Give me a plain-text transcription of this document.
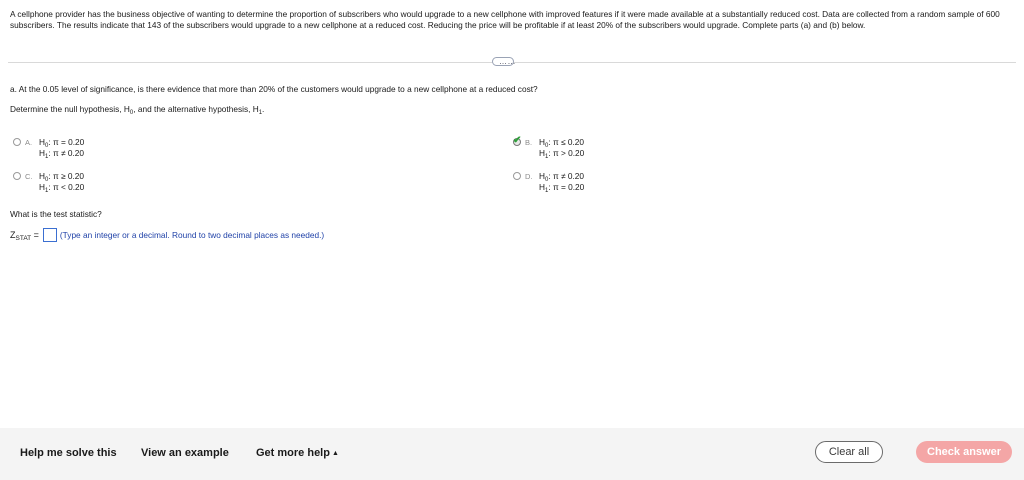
A cellphone provider has the business objective of wanting to determine the proportion of subscribers who would upgrade to a new cellphone with improved features if it were made available at a substantially reduced cost. Data are collected from a random sample of 600 subscribers. The results indicate that 143 of the subscribers would upgrade to a new cellphone at a reduced cost. Reducing the price will be profitable if at least 20% of the subscribers would upgrade. Complete parts (a) and (b) below.
……
a. At the 0.05 level of significance, is there evidence that more than 20% of the customers would upgrade to a new cellphone at a reduced cost?
Determine the null hypothesis, $H_0$, and the alternative hypothesis, $H_1$.
A. $H_0$: π = 0.20
$H_1$: π ≠ 0.20
✔ B. $H_0$: π ≤ 0.20
$H_1$: π > 0.20
C. $H_0$: π ≥ 0.20
$H_1$: π < 0.20
D. $H_0$: π ≠ 0.20
$H_1$: π = 0.20
What is the test statistic?
$Z_{STAT}$ =	(Type an integer or a decimal. Round to two decimal places as needed.)
Help me solve this View an example Get more help ▲	Clear all	Check answer
